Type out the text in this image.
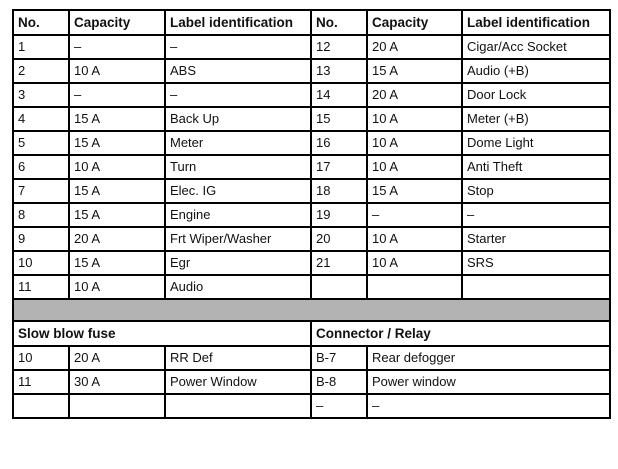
No.	Capacity	Label identification	No.	Capacity	Label identification
1	–	–	12	20 A	Cigar/Acc Socket
2	10 A	ABS	13	15 A	Audio (+B)
3	–	–	14	20 A	Door Lock
4	15 A	Back Up	15	10 A	Meter (+B)
5	15 A	Meter	16	10 A	Dome Light
6	10 A	Turn	17	10 A	Anti Theft
7	15 A	Elec. IG	18	15 A	Stop
8	15 A	Engine	19	–	–
9	20 A	Frt Wiper/Washer	20	10 A	Starter
10	15 A	Egr	21	10 A	SRS
11	10 A	Audio			

Slow blow fuse			Connector / Relay		
10	20 A	RR Def	B-7	Rear defogger	
11	30 A	Power Window	B-8	Power window	
			–	–	
